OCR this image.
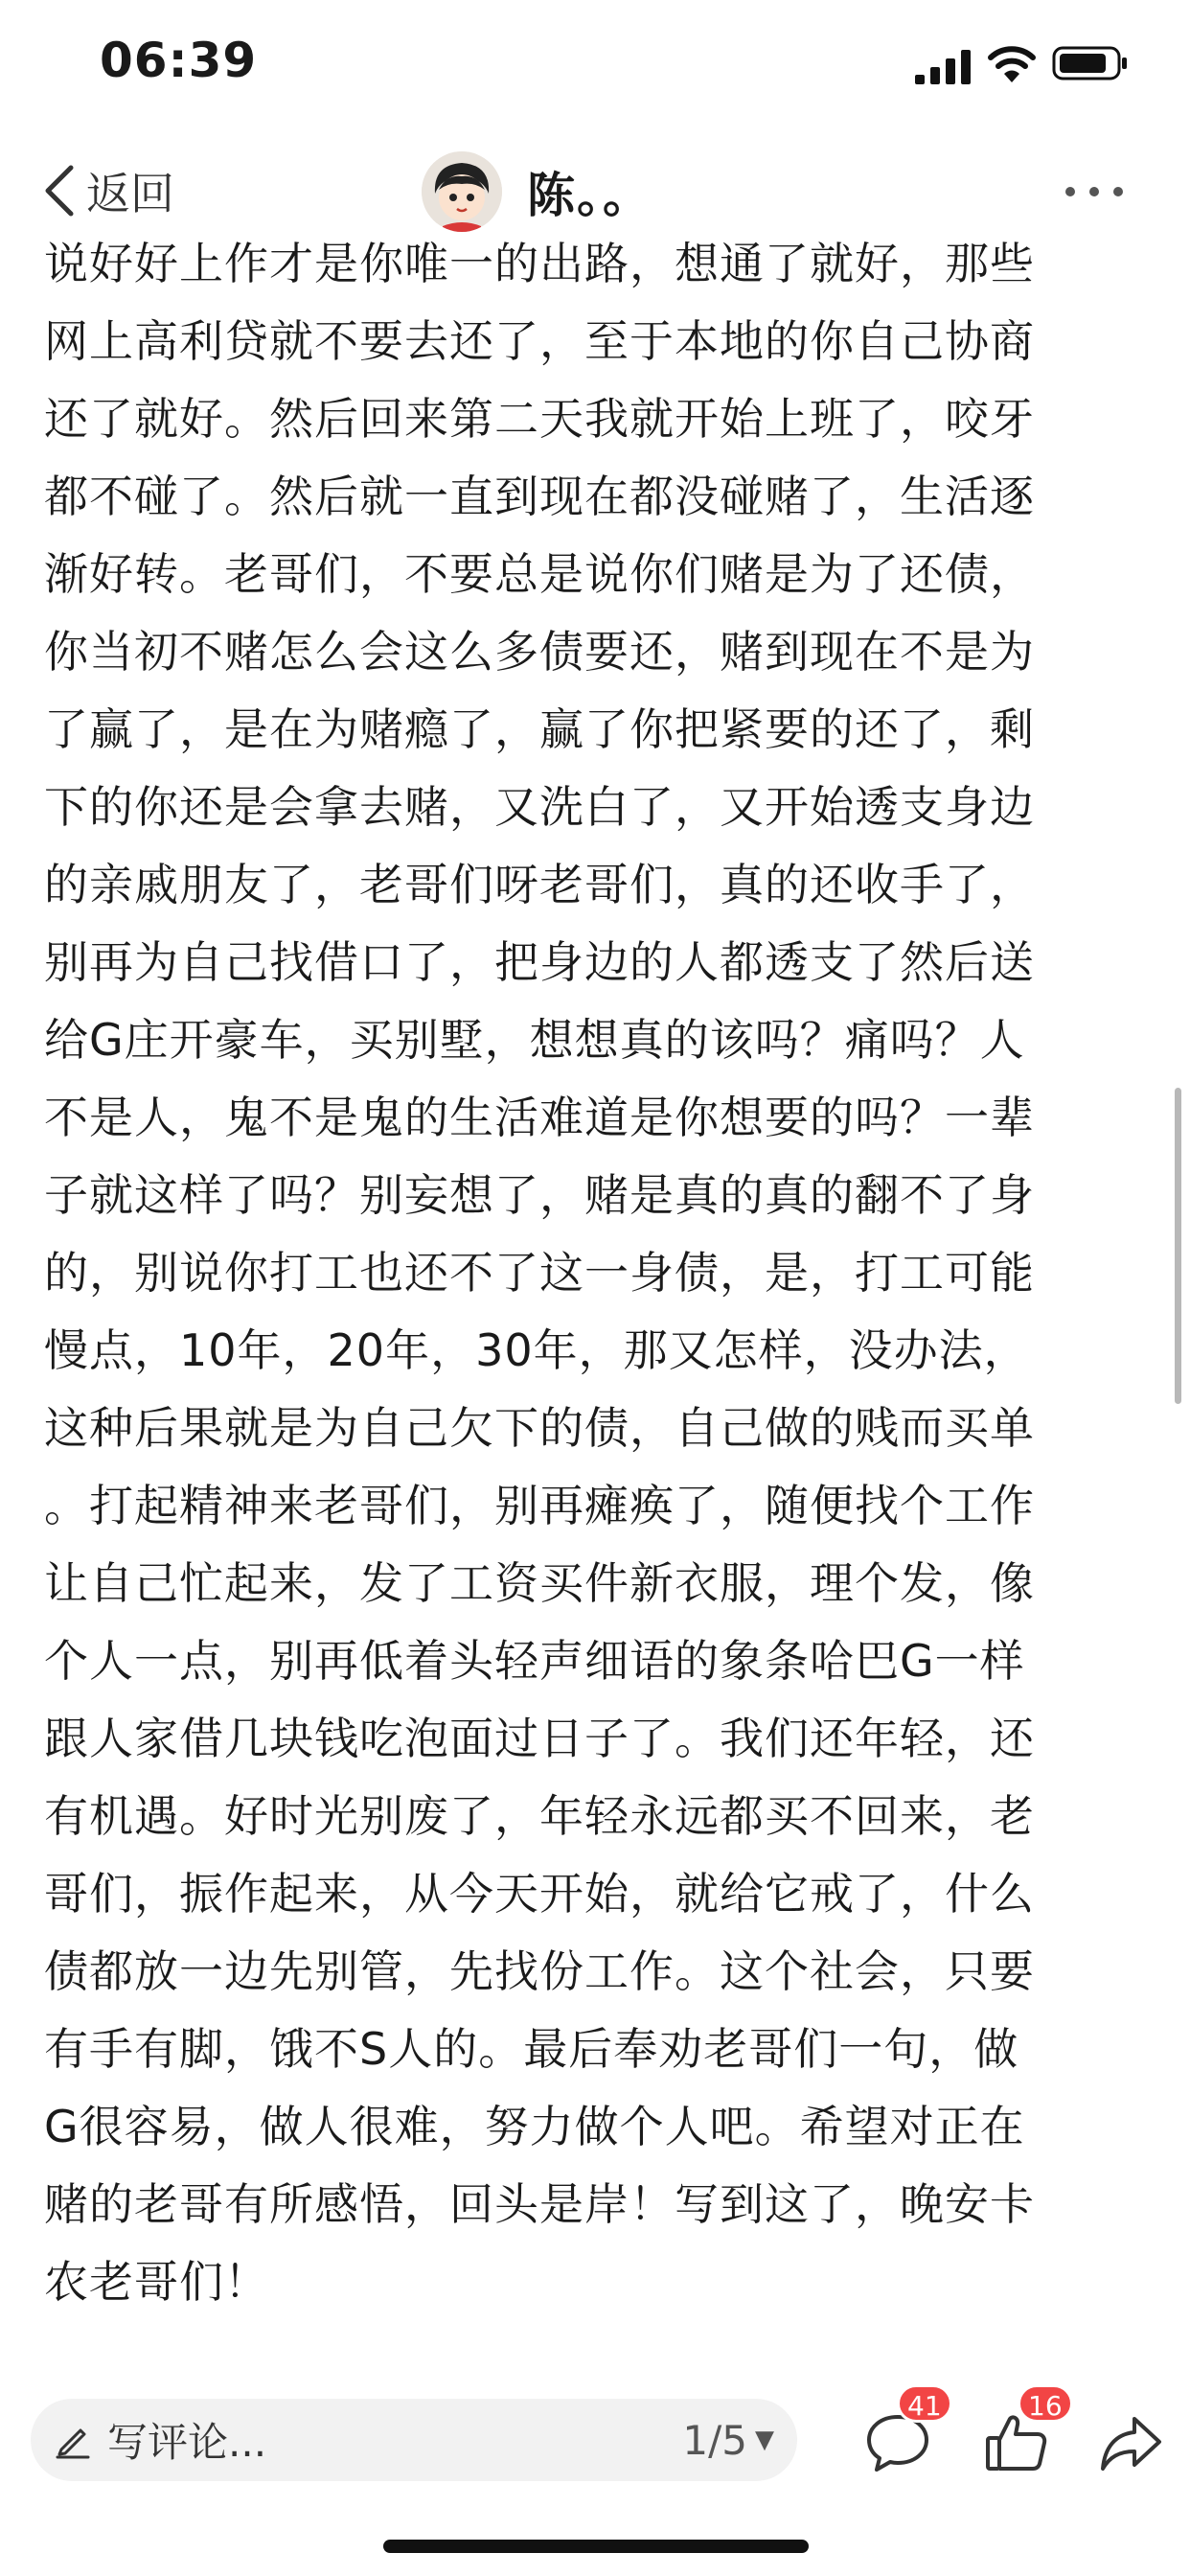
06:39
返回	陈。。
说好好上作才是你唯一的出路，想通了就好，那些
网上高利贷就不要去还了，至于本地的你自己协商
还了就好。然后回来第二天我就开始上班了，咬牙
都不碰了。然后就一直到现在都没碰赌了，生活逐
渐好转。老哥们，不要总是说你们赌是为了还债，
你当初不赌怎么会这么多债要还，赌到现在不是为
了赢了，是在为赌瘾了，赢了你把紧要的还了，剩
下的你还是会拿去赌，又洗白了，又开始透支身边
的亲戚朋友了，老哥们呀老哥们，真的还收手了，
别再为自己找借口了，把身边的人都透支了然后送
给G庄开豪车，买别墅，想想真的该吗？痛吗？人
不是人，鬼不是鬼的生活难道是你想要的吗？一辈
子就这样了吗？别妄想了，赌是真的真的翻不了身
的，别说你打工也还不了这一身债，是，打工可能
慢点，10年，20年，30年，那又怎样，没办法，
这种后果就是为自己欠下的债，自己做的贱而买单
。打起精神来老哥们，别再瘫痪了，随便找个工作
让自己忙起来，发了工资买件新衣服，理个发，像
个人一点，别再低着头轻声细语的象条哈巴G一样
跟人家借几块钱吃泡面过日子了。我们还年轻，还
有机遇。好时光别废了，年轻永远都买不回来，老
哥们，振作起来，从今天开始，就给它戒了，什么
债都放一边先别管，先找份工作。这个社会，只要
有手有脚，饿不S人的。最后奉劝老哥们一句，做
G很容易，做人很难，努力做个人吧。希望对正在
赌的老哥有所感悟，回头是岸！写到这了，晚安卡
农老哥们！
写评论...	1/5 ▼
41	16
